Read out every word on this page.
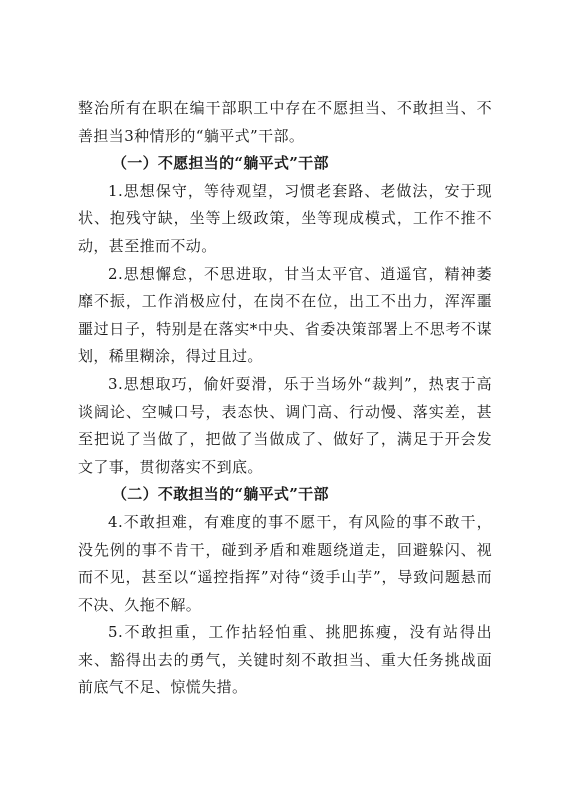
整治所有在职在编干部职工中存在不愿担当、不敢担当、不善担当3种情形的“躺平式”干部。

（一）不愿担当的“躺平式”干部

1.思想保守，等待观望，习惯老套路、老做法，安于现状、抱残守缺，坐等上级政策，坐等现成模式，工作不推不动，甚至推而不动。

2.思想懈怠，不思进取，甘当太平官、逍遥官，精神萎靡不振，工作消极应付，在岗不在位，出工不出力，浑浑噩噩过日子，特别是在落实*中央、省委决策部署上不思考不谋划，稀里糊涂，得过且过。

3.思想取巧，偷奸耍滑，乐于当场外“裁判”，热衷于高谈阔论、空喊口号，表态快、调门高、行动慢、落实差，甚至把说了当做了，把做了当做成了、做好了，满足于开会发文了事，贯彻落实不到底。

（二）不敢担当的“躺平式”干部

4.不敢担难，有难度的事不愿干，有风险的事不敢干，没先例的事不肯干，碰到矛盾和难题绕道走，回避躲闪、视而不见，甚至以“遥控指挥”对待“烫手山芋”，导致问题悬而不决、久拖不解。

5.不敢担重，工作拈轻怕重、挑肥拣瘦，没有站得出来、豁得出去的勇气，关键时刻不敢担当、重大任务挑战面前底气不足、惊慌失措。
